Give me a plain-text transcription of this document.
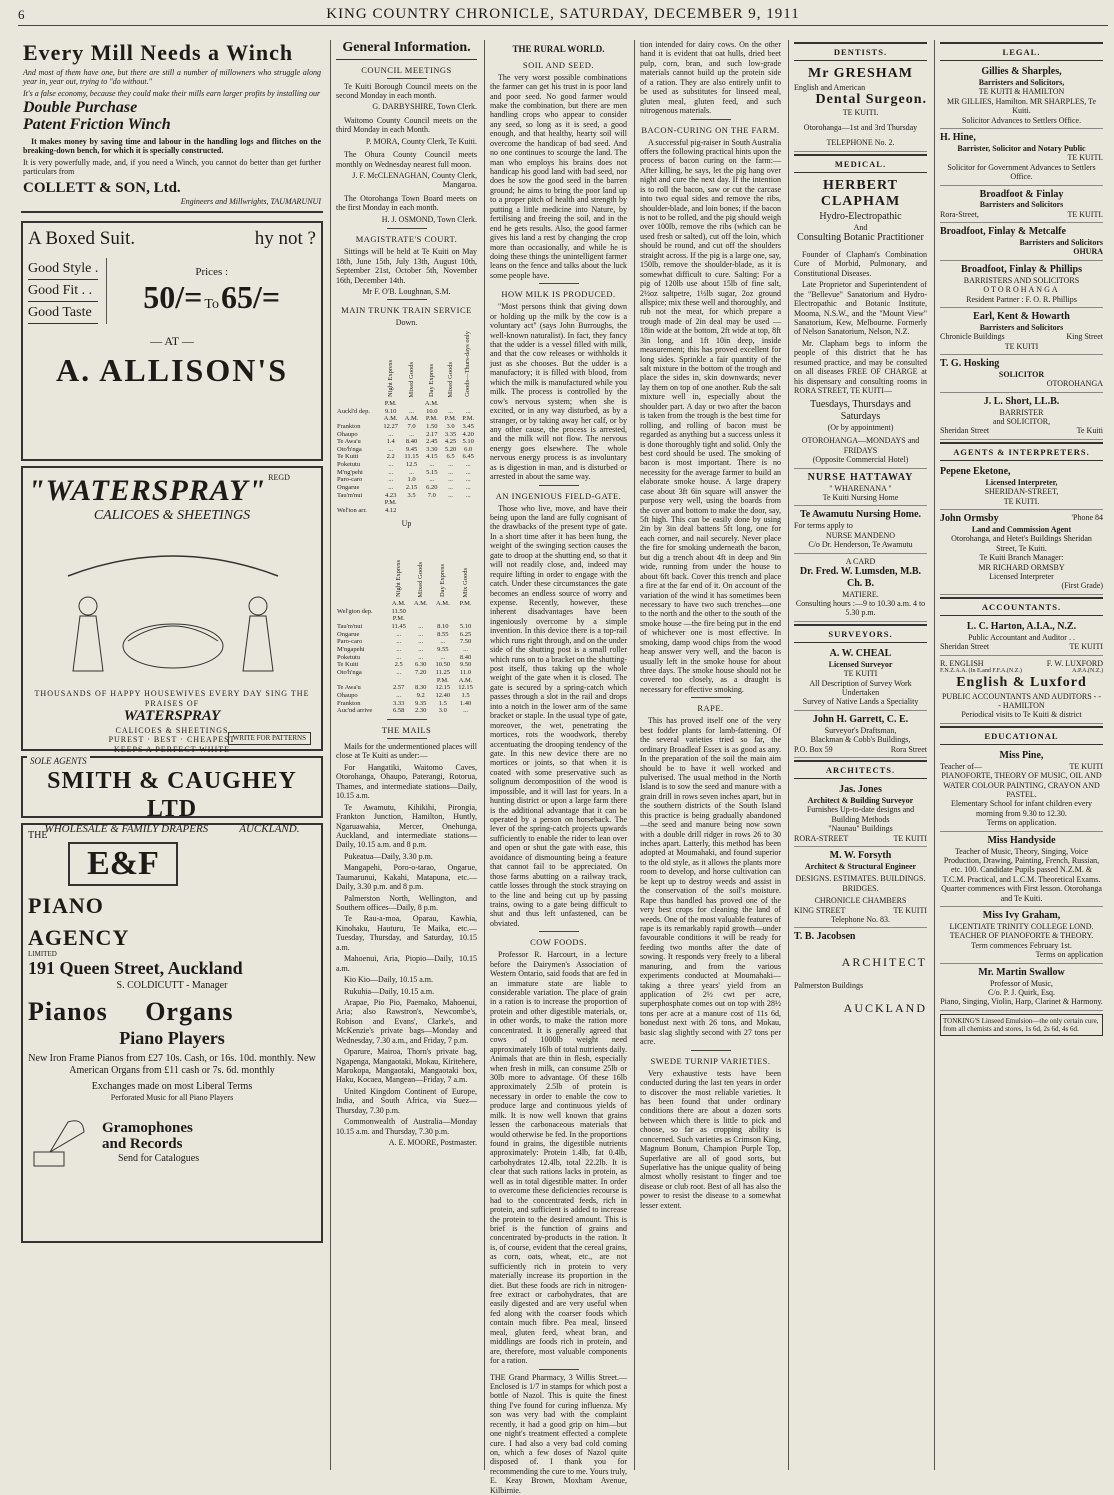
6	KING COUNTRY CHRONICLE, SATURDAY, DECEMBER 9, 1911
Every Mill Needs a Winch

And most of them have one, but there are still a number of millowners who struggle along year in, year out, trying to "do without."

It's a false economy, because they could make their mills earn larger profits by installing our

Double Purchase
Patent Friction Winch

It makes money by saving time and labour in the handling logs and flitches on the breaking-down bench, for which it is specially constructed.

It is very powerfully made, and, if you need a Winch, you cannot do better than get further particulars from

COLLETT & SON, Ltd.
Engineers and Millwrights, TAUMARUNUI
A Boxed Suit.	hy not ?
Good Style .
Good Fit . .
Good Taste
Prices :
50/= To 65/=
— AT —
A. ALLISON'S
"WATERSPRAY" REGD
CALICOES & SHEETINGS
THOUSANDS OF HAPPY HOUSEWIVES EVERY DAY SING THE PRAISES OF
WATERSPRAY
CALICOES & SHEETINGS
PUREST · BEST · CHEAPEST
KEEPS A PERFECT WHITE
WRITE FOR PATTERNS
SOLE AGENTS
SMITH & CAUGHEY LTD
WHOLESALE & FAMILY DRAPERS	AUCKLAND.
THE
E&F
PIANO
AGENCY
LIMITED
191 Queen Street, Auckland
S. COLDICUTT - Manager
Pianos Organs
Piano Players
New Iron Frame Pianos from £27 10s. Cash, or 16s. 10d. monthly. New American Organs from £11 cash or 7s. 6d. monthly
Exchanges made on most Liberal Terms
Perforated Music for all Piano Players
Gramophones
and Records
Send for Catalogues
General Information.
COUNCIL MEETINGS

Te Kuiti Borough Council meets on the second Monday in each month.

G. DARBYSHIRE, Town Clerk.

Waitomo County Council meets on the third Monday in each Month.

P. MORA, County Clerk, Te Kuiti.

The Ohura County Council meets monthly on Wednesday nearest full moon.

J. F. McCLENAGHAN, County Clerk, Mangaroa.

The Otorohanga Town Board meets on the first Monday in each month.

H. J. OSMOND, Town Clerk.
MAGISTRATE'S COURT.

Sittings will be held at Te Kuiti on May 18th, June 15th, July 13th, August 10th, September 21st, October 5th, November 16th, December 14th.

Mr F. O'B. Loughnan, S.M.
MAIN TRUNK TRAIN SERVICE
Down.
	Night Express	Mixed Goods	Day Express	Mixed Goods	Goods—Thurs-days only
	P.M.		A.M.		
Auckl'd dep.	9.10	...	10.0	...	...
	A.M.	A.M.	P.M.	P.M.	P.M.
Frankton	12.27	7.0	1.50	3.0	3.45
Ohaupo	...	...	2.17	3.35	4.20
Te Awa'u	1.4	8.40	2.45	4.25	5.10
Oto'h'nga	...	9.45	3.30	5.20	6.0
Te Kuiti	2.2	11.15	4.15	6.5	6.45
Poketutu	...	12.5	...	...	...
M'ng'pehi	...	...	5.15	...	...
Paro-caro	...	1.0	...	...	...
Ongarue	...	2.15	6.20	...	...
Tau'm'nui	4.23	3.5	7.0	...	...
	P.M.				
Wel'ton arr.	4.12				
Up
	Night Express	Mixed Goods	Day Express	Mix Goods
	A.M.	A.M.	A.M.	P.M.
Wel'gton dep.	11.50			
	P.M.			
Tau'm'nui	11.45	...	8.10	5.10
Ongarue	...	...	8.55	6.25
Paro-caro	...	...	...	7.50
M'ngapehi	...	...	9.55	...
Poketutu	...	...	...	8.40
Te Kuiti	2.5	6.30	10.50	9.50
Oto'h'nga	...	7.20	11.25	11.0
			P.M.	A.M.
Te Awa'u	2.57	8.30	12.15	12.15
Ohaupo	...	9.2	12.40	1.5
Frankton	3.33	9.35	1.5	1.40
Auc'nd arrive	6.58	2.30	3.0	...
THE MAILS

Mails for the undermentioned places will close at Te Kuiti as under:—

For Hangatiki, Waitomo Caves, Otorohanga, Ohaupo, Paterangi, Rotorua, Thames, and intermediate stations—Daily, 10.15 a.m.

Te Awamutu, Kihikihi, Pirongia, Frankton Junction, Hamilton, Huntly, Ngaruawahia, Mercer, Onehunga, Auckland, and intermediate stations—Daily, 10.15 a.m. and 8 p.m.

Pukeatua—Daily, 3.30 p.m.

Mangapehi, Poro-o-tarao, Ongarue, Taumarunui, Kakahi, Matapuna, etc.—Daily, 3.30 p.m. and 8 p.m.

Palmerston North, Wellington, and Southern offices—Daily, 8 p.m.

Te Rau-a-moa, Oparau, Kawhia, Kinohaku, Hauturu, Te Maika, etc.—Tuesday, Thursday, and Saturday, 10.15 a.m.

Mahoenui, Aria, Piopio—Daily, 10.15 a.m.

Kio Kio—Daily, 10.15 a.m.

Rukuhia—Daily, 10.15 a.m.

Arapae, Pio Pio, Paemako, Mahoenui, Aria; also Rawstron's, Newcombe's, Robison and Evans', Clarke's, and McKenzie's private bags—Monday and Wednesday, 7.30 a.m., and Friday, 7 p.m.

Oparure, Mairoa, Thorn's private bag, Ngapenga, Mangaotaki, Mokau, Kiritehere, Marokopa, Mangaotaki, Mangaotaki box, Haku, Kocaea, Mangean—Friday, 7 a.m.

United Kingdom Continent of Europe, India, and South Africa, via Suez—Thursday, 7.30 p.m.

Commonwealth of Australia—Monday 10.15 a.m. and Thursday, 7.30 p.m.

A. E. MOORE, Postmaster.
THE RURAL WORLD.
SOIL AND SEED.

The very worst possible combinations the farmer can get his trust in is poor land and poor seed. No good farmer would make the combination, but there are men handling crops who appear to consider any seed, so long as it is seed, a good enough, and that healthy, hearty soil will overcome the handicap of bad seed. And no one continues to scourge the land. The man who employs his brains does not handicap his good land with bad seed, nor does he sow the good seed in the barren ground; he aims to bring the poor land up to a proper pitch of health and strength by putting a little medicine into Nature, by fertilising and freeing the soil, and in the end he gets results. Also, the good farmer gives his land a rest by changing the crop more than occasionally, and while he is doing these things the unintelligent farmer leans on the fence and talks about the luck some people have.

HOW MILK IS PRODUCED.

"Most persons think that giving down or holding up the milk by the cow is a voluntary act" (says John Burroughs, the well-known naturalist). In fact, they fancy that the udder is a vessel filled with milk, and that the cow releases or withholds it just as she chooses. But the udder is a manufactory; it is filled with blood, from which the milk is manufactured while you milk. The process is controlled by the cow's nervous system; when she is excited, or in any way disturbed, as by a stranger, or by taking away her calf, or by any other cause, the process is arrested, and the milk will not flow. The nervous energy goes elsewhere. The whole nervous energy process is as involuntary as is digestion in man, and is disturbed or arrested in about the same way.

AN INGENIOUS FIELD-GATE.

Those who live, move, and have their being upon the land are fully cognisant of the drawbacks of the present type of gate. In a short time after it has been hung, the weight of the swinging section causes the gate to droop at the shutting end, so that it will not readily close, and, indeed may require lifting in order to engage with the catch. Under these circumstances the gate becomes an endless source of worry and expense. Recently, however, these inherent disadvantages have been ingeniously overcome by a simple invention. In this device there is a top-rail which runs right through, and on the under side of the shutting post is a small roller which runs on to a bracket on the shutting-post itself, thus taking up the whole weight of the gate when it is closed. The gate is secured by a spring-catch which passes through a slot in the rail and drops into a notch in the lower arm of the same bracket or staple. In the usual type of gate, moreover, the wet, penetrating the mortices, rots the woodwork, thereby accentuating the drooping tendency of the gate. In this new device there are no mortices or joints, so that when it is coated with some preservative such as solignum decomposition of the wood is impossible, and it will last for years. In a hunting district or upon a large farm there is the additional advantage that it can be operated by a person on horseback. The lever of the spring-catch projects upwards sufficiently to enable the rider to lean over and open or shut the gate with ease, this avoidance of dismounting being a feature that cannot fail to be appreciated. On those farms abutting on a railway track, cattle losses through the stock straying on to the line and being cut up by passing trains, owing to a gate being difficult to shut and thus left unfastened, can be obviated.

COW FOODS.

Professor R. Harcourt, in a lecture before the Dairymen's Association of Western Ontario, said foods that are fed in an immature state are liable to considerable variation. The place of grain in a ration is to increase the proportion of protein and other digestible materials, or, in other words, to make the ration more concentrated. It is generally agreed that cows of 1000lb weight need approximately 16lb of total nutrients daily. Animals that are thin in flesh, especially when fresh in milk, can consume 25lb or 30lb more to advantage. Of these 16lb approximately 2.5lb of protein is necessary in order to enable the cow to produce large and continuous yields of milk. It is now well known that grains lessen the carbonaceous materials that would otherwise be fed. In the proportions found in grains, the digestible nutrients approximately: Protein 1.4lb, fat 0.4lb, carbohydrates 12.4lb, total 22.2lb. It is clear that such rations lacks in protein, as well as in total digestible matter. In order to overcome these deficiencies recourse is had to the concentrated feeds, rich in protein, and sufficient is added to increase the protein to the desired amount. This is brief is the function of grains and concentrated by-products in the ration. It is, of course, evident that the cereal grains, as corn, oats, wheat, etc., are not sufficiently rich in protein to very materially increase its proportion in the diet. But these foods are rich in nitrogen-free extract or carbohydrates, that are easily digested and are very useful when fed along with the coarser foods which contain much fibre. Pea meal, linseed meal, gluten feed, wheat bran, and middlings are foods rich in protein, and are, therefore, most valuable components for a ration.

THE Grand Pharmacy, 3 Willis Street.—Enclosed is 1/7 in stamps for which post a bottle of Nazol. This is quite the finest thing I've found for curing influenza. My son was very bad with the complaint recently, it had a good grip on him—but one night's treatment effected a complete cure. I had also a very bad cold coming on, which a few doses of Nazol quite disposed of. I thank you for recommending the cure to me. Yours truly, E. Keay Brown, Moxham Avenue, Kilbirnie.

tion intended for dairy cows. On the other hand it is evident that oat hulls, dried beet pulp, corn, bran, and such low-grade materials cannot build up the protein side of a ration. They are also entirely unfit to be used as substitutes for linseed meal, gluten meal, gluten feed, and such nitrogenous materials.

BACON-CURING ON THE FARM.

A successful pig-raiser in South Australia offers the following practical hints upon the process of bacon curing on the farm:—After killing, he says, let the pig hang over night and cure the next day. If the intention is to roll the bacon, saw or cut the carcase into two equal sides and remove the ribs, shoulder-blade, and loin bones; if the bacon is not to be rolled, and the pig should weigh over 100lb, remove the ribs (which can be used fresh or salted), cut off the loin, which should be round, and cut off the shoulders straight across. If the pig is a large one, say, 150lb, remove the shoulder-blade, as it is somewhat difficult to cure. Salting: For a pig of 120lb use about 15lb of fine salt, 2½oz saltpetre, 1½lb sugar, 2oz ground allspice; mix these well and thoroughly, and rub not the meat, for which prepare a trough made of 2in deal may be used — 18in wide at the bottom, 2ft wide at top, 8ft 3in long, and 1ft 10in deep, inside measurement; this has proved excellent for long sides. Sprinkle a fair quantity of the salt mixture in the bottom of the trough and place the sides in, skin downwards; never lay them on top of one another. Rub the salt mixture well in, especially about the shoulder part. A day or two after the bacon is taken from the trough is the best time for rolling, and rolling of bacon must be regarded as anything but a success unless it is done thoroughly tight and solid. Only the best cord should be used. The smoking of bacon is most important. There is no necessity for the average farmer to build an elaborate smoke house. A large drapery case about 3ft 6in square will answer the purpose very well, using the boards from the cover and bottom to make the door, say, 5ft high. This can be easily done by using 2in by 3in deal battens 5ft long, one for each corner, and nail securely. Never place the fire for smoking underneath the bacon, but dig a trench about 4ft in deep and 9in wide, running from under the house to about 6ft back. Cover this trench and place a fire at the far end of it. On account of the variation of the wind it has sometimes been necessary to have two such trenches—one to the north and the other to the south of the smoke house —the fire being put in the end of whichever one is most effective. In smoking, damp wood chips from the wood heap answer very well, and the bacon is usually left in the smoke house for about three days. The smoke house should not be covered too closely, as a draught is necessary for effective smoking.

RAPE.

This has proved itself one of the very best fodder plants for lamb-fattening. Of the several varieties tried so far, the ordinary Broadleaf Essex is as good as any. In the preparation of the soil the main aim should be to have it well worked and pulverised. The usual method in the North Island is to sow the seed and manure with a grain drill in rows seven inches apart, but in the southern districts of the South Island this practice is being gradually abandoned—the seed and manure being now sown with a double drill ridger in rows 26 to 30 inches apart. Latterly, this method has been adopted at Moumahaki, and found superior to the old style, as it allows the plants more room to develop, and horse cultivation can be kept up to destroy weeds and assist in the conservation of the soil's moisture. Rape thus handled has proved one of the very best crops for cleaning the land of weeds. One of the most valuable features of rape is its remarkably rapid growth—under favourable conditions it will be ready for feeding two months after the date of sowing. It responds very freely to a liberal manuring, and from the various experiments conducted at Moumahaki—taking a three years' yield from an application of 2½ cwt per acre, superphosphate comes out on top with 28½ tons per acre at a manure cost of 11s 6d, bonedust next with 26 tons, and Mokau, basic slag slightly second with 27 tons per acre.

SWEDE TURNIP VARIETIES.

Very exhaustive tests have been conducted during the last ten years in order to discover the most reliable varieties. It has been found that under ordinary conditions there are about a dozen sorts between which there is little to pick and choose, so far as cropping ability is concerned. Such varieties as Crimson King, Magnum Bonum, Champion Purple Top, Superlative are all of good sorts, but Superlative has the unique quality of being almost wholly resistant to finger and toe disease or club root. Best of all has also the power to resist the disease to a somewhat lesser extent.

DENTISTS.
Mr GRESHAM
English and American
Dental Surgeon.
TE KUITI.
Otorohanga—1st and 3rd Thursday
TELEPHONE No. 2.
MEDICAL.
HERBERT CLAPHAM
Hydro-Electropathic
And
Consulting Botanic Practitioner

Founder of Clapham's Combination Cure of Morbid, Pulmonary, and Constitutional Diseases.

Late Proprietor and Superintendent of the "Bellevue" Sanatorium and Hydro-Electropathic and Botanic Institute, Mooma, N.S.W., and the "Mount View" Sanatorium, Kew, Melbourne. Formerly of Nelson Sanatorium, Nelson, N.Z.

Mr. Clapham begs to inform the people of this district that he has resumed practice, and may be consulted on all diseases FREE OF CHARGE at his dispensary and consulting rooms in RORA STREET, TE KUITI—

Tuesdays, Thursdays and Saturdays
(Or by appointment)
OTOROHANGA—MONDAYS and FRIDAYS
(Opposite Commercial Hotel)
NURSE HATTAWAY
" WHARENANA "
Te Kuiti Nursing Home
Te Awamutu Nursing Home.
For terms apply to
NURSE MANDENO
C/o Dr. Henderson, Te Awamutu
A CARD
Dr. Fred. W. Lumsden, M.B. Ch. B.
MATIERE.
Consulting hours :—9 to 10.30 a.m. 4 to 5.30 p.m.
SURVEYORS.
A. W. CHEAL
Licensed Surveyor
TE KUITI
All Description of Survey Work Undertaken
Survey of Native Lands a Speciality
John H. Garrett, C. E.
Surveyor's Draftsman,
Blackman & Cobb's Buildings,
P.O. Box 59	Rora Street
ARCHITECTS.
Jas. Jones
Architect & Building Surveyor
Furnishes Up-to-date designs and Building Methods
"Naunau" Buildings
RORA-STREET	TE KUITI
M. W. Forsyth
Architect & Structural Engineer
DESIGNS. ESTIMATES. BUILDINGS. BRIDGES.
CHRONICLE CHAMBERS
KING STREET	TE KUITI
Telephone No. 83.
T. B. Jacobsen
ARCHITECT
Palmerston Buildings
AUCKLAND
LEGAL.
Gillies & Sharples,
Barristers and Solicitors,
TE KUITI & HAMILTON
MR GILLIES, Hamilton. MR SHARPLES, Te Kuiti.
Solicitor Advances to Settlers Office.
H. Hine,
Barrister, Solicitor and Notary Public
TE KUITI.
Solicitor for Government Advances to Settlers Office.
Broadfoot & Finlay
Barristers and Solicitors
Rora-Street,	TE KUITI.
Broadfoot, Finlay & Metcalfe
Barristers and Solicitors
OHURA
Broadfoot, Finlay & Phillips
BARRISTERS AND SOLICITORS
OTOROHANGA
Resident Partner : F. O. R. Phillips
Earl, Kent & Howarth
Barristers and Solicitors
Chronicle Buildings	King Street
TE KUITI
T. G. Hosking
SOLICITOR
OTOROHANGA
J. L. Short, LL.B.
BARRISTER
and SOLICITOR,
Sheridan Street	Te Kuiti
AGENTS & INTERPRETERS.
Pepene Eketone,
Licensed Interpreter,
SHERIDAN-STREET,
TE KUITI.
John Ormsby	'Phone 84
Land and Commission Agent
Otorohanga, and Hetet's Buildings Sheridan Street, Te Kuiti.
Te Kuiti Branch Manager:
MR RICHARD ORMSBY
Licensed Interpreter
(First Grade)
ACCOUNTANTS.
L. C. Harton, A.I.A., N.Z.
Public Accountant and Auditor . .
Sheridan Street	TE KUITI
R. ENGLISH	F. W. LUXFORD
F.N.Z.A.A. (In E.and F.F.A.(N.Z.)	A.P.A.(N.Z.)
English & Luxford
PUBLIC ACCOUNTANTS AND AUDITORS - - - HAMILTON
Periodical visits to Te Kuiti & district
EDUCATIONAL
Miss Pine,
Teacher of—	TE KUITI
PIANOFORTE, THEORY OF MUSIC, OIL AND WATER COLOUR PAINTING, CRAYON AND PASTEL.
Elementary School for infant children every morning from 9.30 to 12.30.
Terms on application.
Miss Handyside
Teacher of Music, Theory, Singing, Voice Production, Drawing, Painting, French, Russian, etc. 100. Candidate Pupils passed N.Z.M. & T.C.M. Practical, and L.C.M. Theoretical Exams. Quarter commences with First lesson. Otorohanga and Te Kuiti.
Miss Ivy Graham,
LICENTIATE TRINITY COLLEGE LOND.
TEACHER OF PIANOFORTE & THEORY.
Term commences February 1st.
Terms on application
Mr. Martin Swallow
Professor of Music,
C/o. P. J. Quirk, Esq.
Piano, Singing, Violin, Harp, Clarinet & Harmony.
TONKING'S Linseed Emulsion—the only certain cure, from all chemists and stores, 1s 6d, 2s 6d, 4s 6d.
